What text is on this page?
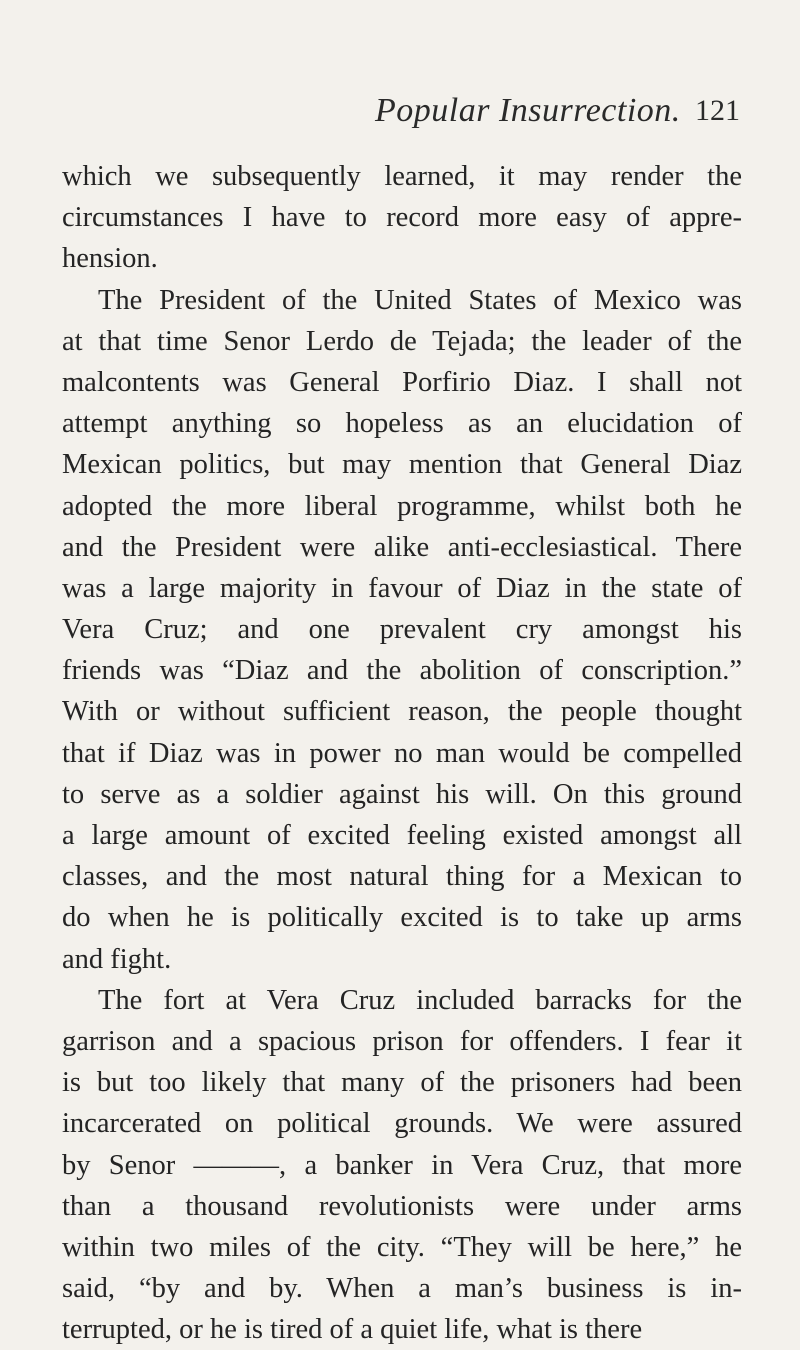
Popular Insurrection. 121
which we subsequently learned, it may render the
circumstances I have to record more easy of appre-
hension.
The President of the United States of Mexico was
at that time Senor Lerdo de Tejada; the leader of the
malcontents was General Porfirio Diaz. I shall not
attempt anything so hopeless as an elucidation of
Mexican politics, but may mention that General Diaz
adopted the more liberal programme, whilst both he
and the President were alike anti-ecclesiastical. There
was a large majority in favour of Diaz in the state of
Vera Cruz; and one prevalent cry amongst his
friends was “Diaz and the abolition of conscription.”
With or without sufficient reason, the people thought
that if Diaz was in power no man would be compelled
to serve as a soldier against his will. On this ground
a large amount of excited feeling existed amongst all
classes, and the most natural thing for a Mexican to
do when he is politically excited is to take up arms
and fight.
The fort at Vera Cruz included barracks for the
garrison and a spacious prison for offenders. I fear it
is but too likely that many of the prisoners had been
incarcerated on political grounds. We were assured
by Senor ———, a banker in Vera Cruz, that more
than a thousand revolutionists were under arms
within two miles of the city. “They will be here,” he
said, “by and by. When a man’s business is in-
terrupted, or he is tired of a quiet life, what is there
